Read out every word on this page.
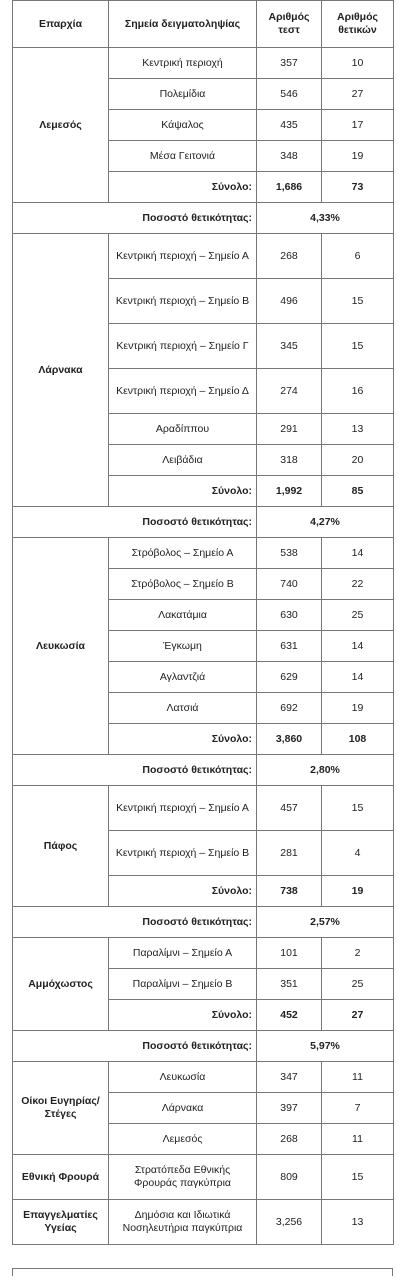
Επαρχία	Σημεία δειγματοληψίας	Αριθμός τεστ	Αριθμός θετικών
Λεμεσός	Κεντρική περιοχή	357	10
	Πολεμίδια	546	27
	Κάψαλος	435	17
	Μέσα Γειτονιά	348	19
	Σύνολο:	1,686	73
Ποσοστό θετικότητας:		4,33%	
Λάρνακα	Κεντρική περιοχή – Σημείο Α	268	6
	Κεντρική περιοχή – Σημείο Β	496	15
	Κεντρική περιοχή – Σημείο Γ	345	15
	Κεντρική περιοχή – Σημείο Δ	274	16
	Αραδίππου	291	13
	Λειβάδια	318	20
	Σύνολο:	1,992	85
Ποσοστό θετικότητας:		4,27%	
Λευκωσία	Στρόβολος – Σημείο Α	538	14
	Στρόβολος – Σημείο Β	740	22
	Λακατάμια	630	25
	Έγκωμη	631	14
	Αγλαντζιά	629	14
	Λατσιά	692	19
	Σύνολο:	3,860	108
Ποσοστό θετικότητας:		2,80%	
Πάφος	Κεντρική περιοχή – Σημείο Α	457	15
	Κεντρική περιοχή – Σημείο Β	281	4
	Σύνολο:	738	19
Ποσοστό θετικότητας:		2,57%	
Αμμόχωστος	Παραλίμνι – Σημείο Α	101	2
	Παραλίμνι – Σημείο Β	351	25
	Σύνολο:	452	27
Ποσοστό θετικότητας:		5,97%	
Οίκοι Ευγηρίας/ Στέγες	Λευκωσία	347	11
	Λάρνακα	397	7
	Λεμεσός	268	11
Εθνική Φρουρά	Στρατόπεδα Εθνικής Φρουράς παγκύπρια	809	15
Επαγγελματίες Υγείας	Δημόσια και Ιδιωτικά Νοσηλευτήρια παγκύπρια	3,256	13
